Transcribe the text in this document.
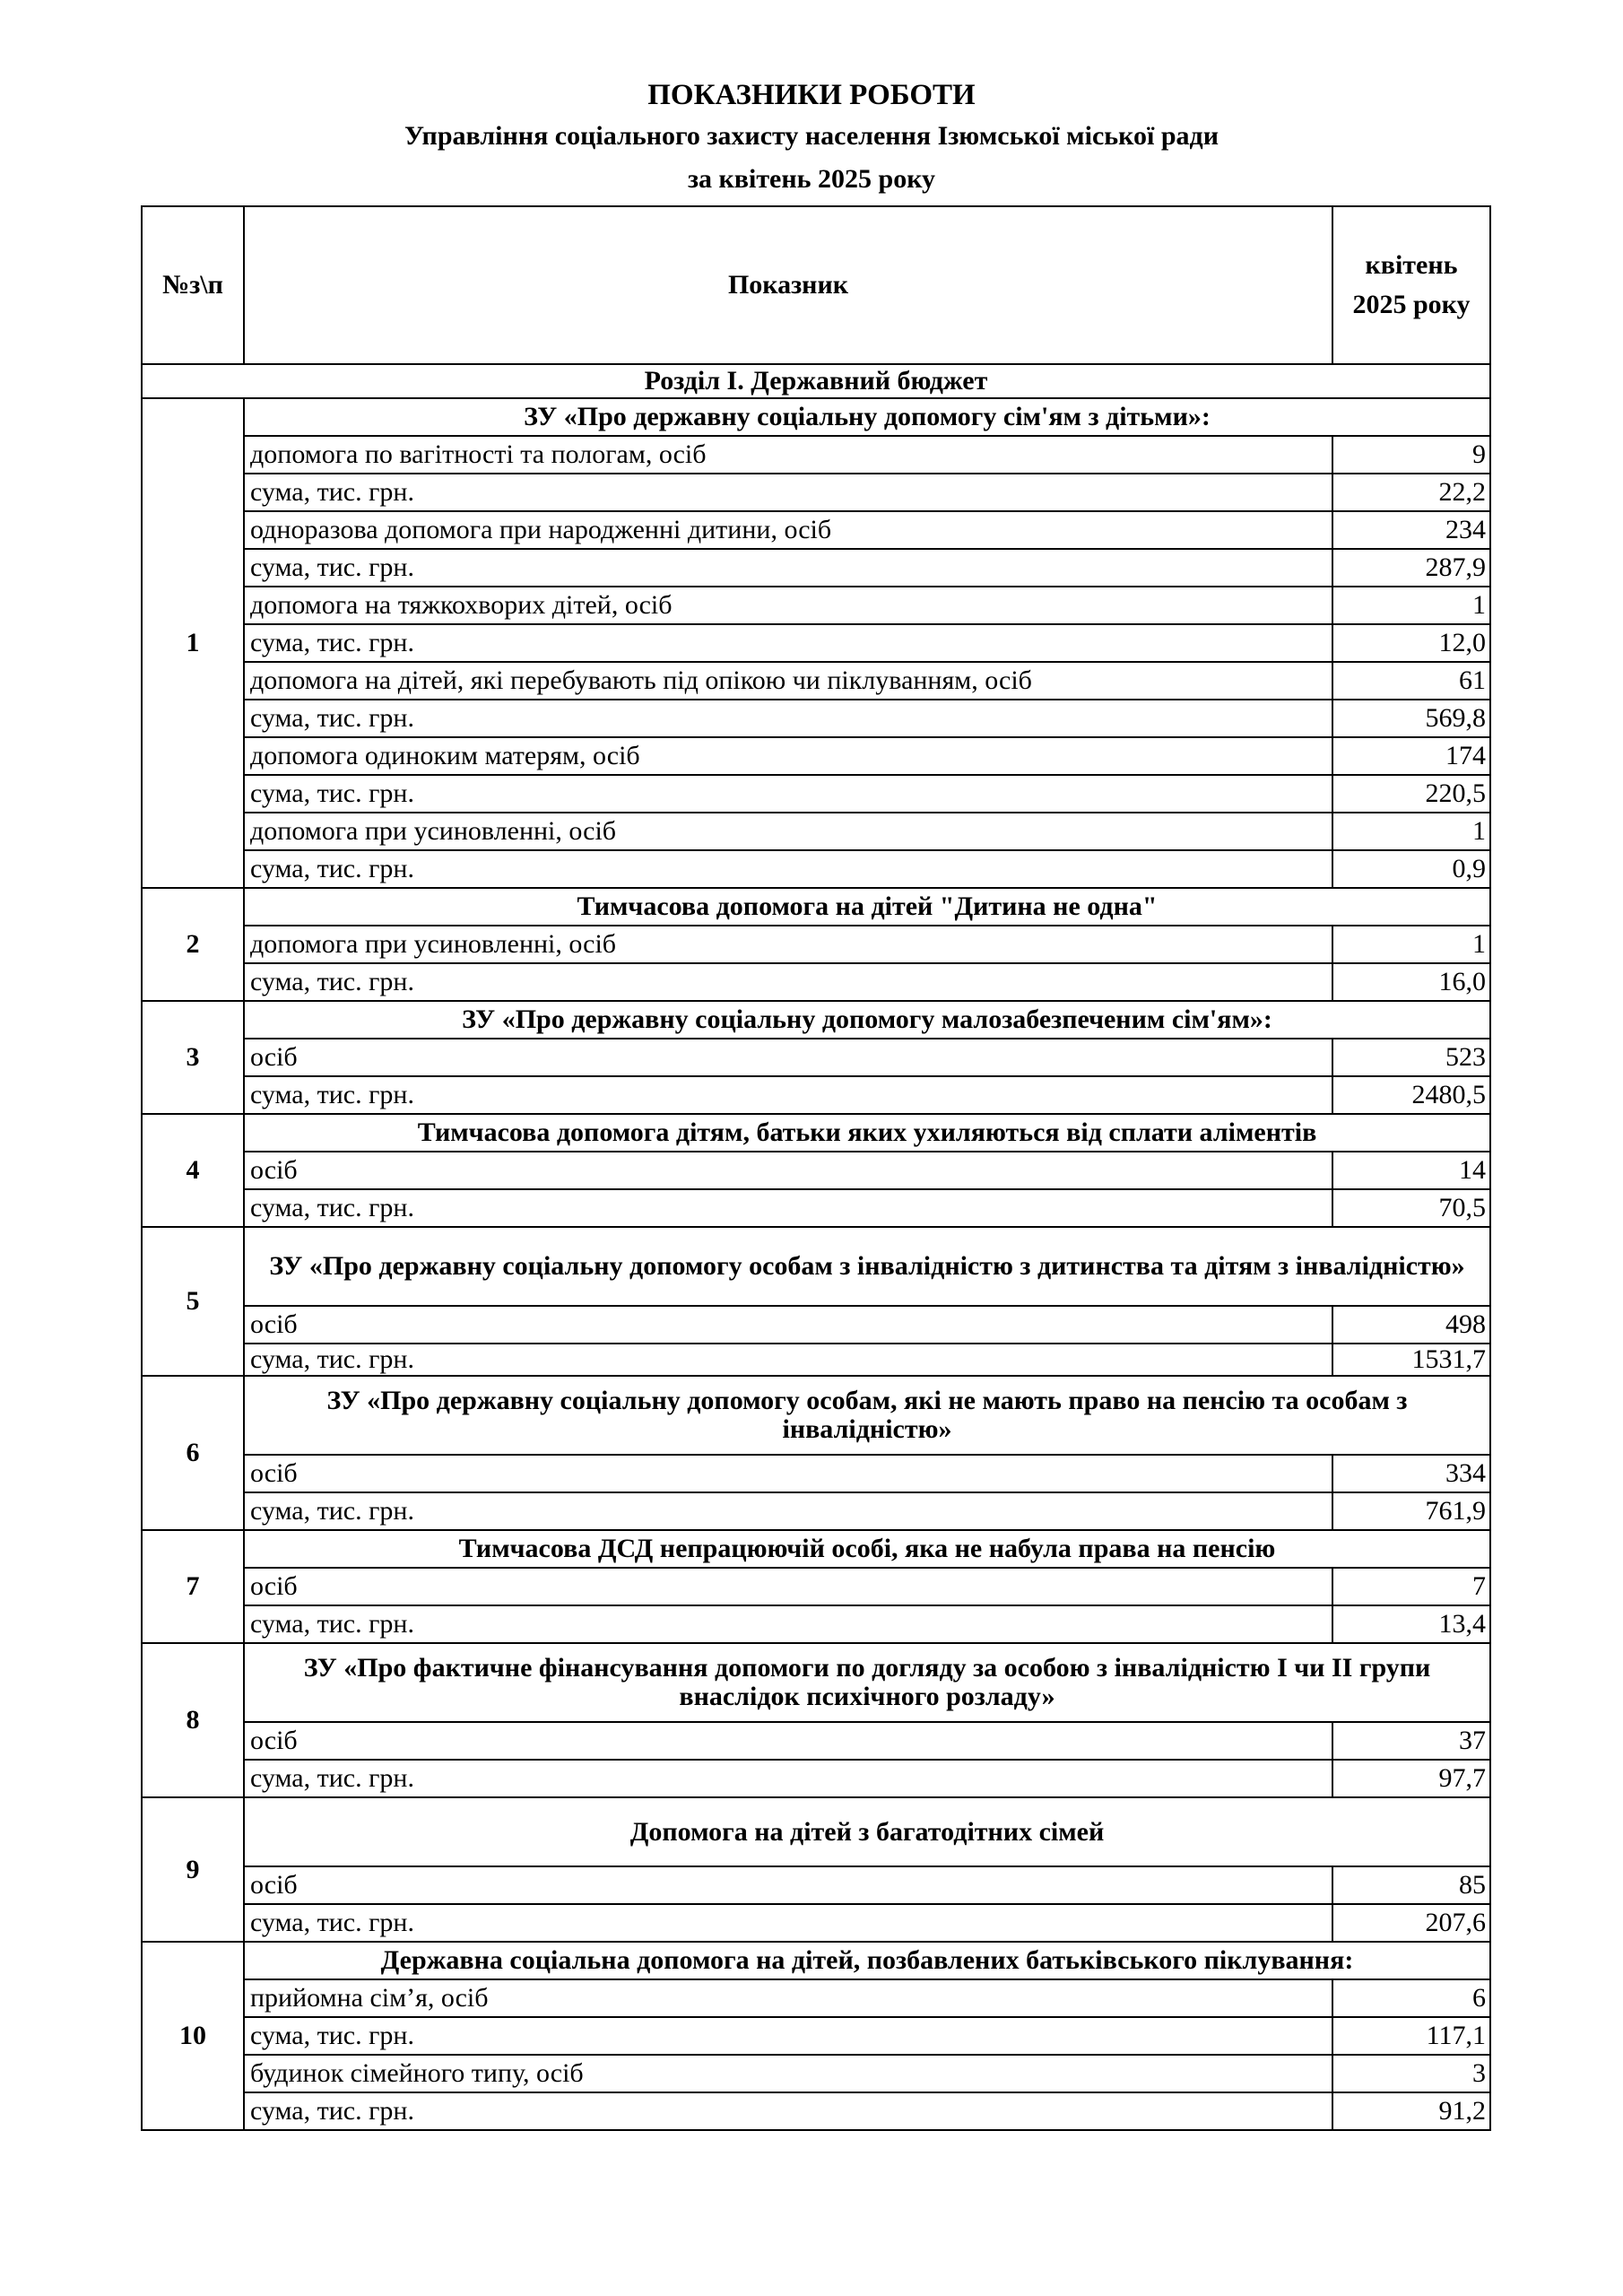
ПОКАЗНИКИ РОБОТИ
Управління соціального захисту населення Ізюмської міської ради
за квітень 2025 року
№з\п	Показник	квітень
2025 року

Розділ І. Державний бюджет		
1	ЗУ «Про державну соціальну допомогу сім'ям з дітьми»:	
	допомога по вагітності та пологам, осіб	9
	сума, тис. грн.	22,2
	одноразова допомога при народженні дитини, осіб	234
	сума, тис. грн.	287,9
	допомога на тяжкохворих дітей, осіб	1
	сума, тис. грн.	12,0
	допомога на дітей, які перебувають під опікою чи піклуванням, осіб	61
	сума, тис. грн.	569,8
	допомога одиноким матерям, осіб	174
	сума, тис. грн.	220,5
	допомога при усиновленні, осіб	1
	сума, тис. грн.	0,9
2	Тимчасова допомога на дітей "Дитина не одна"	
	допомога при усиновленні, осіб	1
	сума, тис. грн.	16,0
3	ЗУ «Про державну соціальну допомогу малозабезпеченим сім'ям»:	
	осіб	523
	сума, тис. грн.	2480,5
4	Тимчасова допомога дітям, батьки яких ухиляються від сплати аліментів	
	осіб	14
	сума, тис. грн.	70,5
5	ЗУ «Про державну соціальну допомогу особам з інвалідністю з дитинства та дітям з інвалідністю»	
	осіб	498
	сума, тис. грн.	1531,7
6	ЗУ «Про державну соціальну допомогу особам, які не мають право на пенсію та особам з інвалідністю»	
	осіб	334
	сума, тис. грн.	761,9
7	Тимчасова ДСД непрацюючій особі, яка не набула права на пенсію	
	осіб	7
	сума, тис. грн.	13,4
8	ЗУ «Про фактичне фінансування допомоги по догляду за особою з інвалідністю І чи ІІ групи внаслідок психічного розладу»	
	осіб	37
	сума, тис. грн.	97,7
9	Допомога на дітей з багатодітних сімей	
	осіб	85
	сума, тис. грн.	207,6
10	Державна соціальна допомога на дітей, позбавлених батьківського піклування:	
	прийомна сім’я, осіб	6
	сума, тис. грн.	117,1
	будинок сімейного типу, осіб	3
	сума, тис. грн.	91,2
